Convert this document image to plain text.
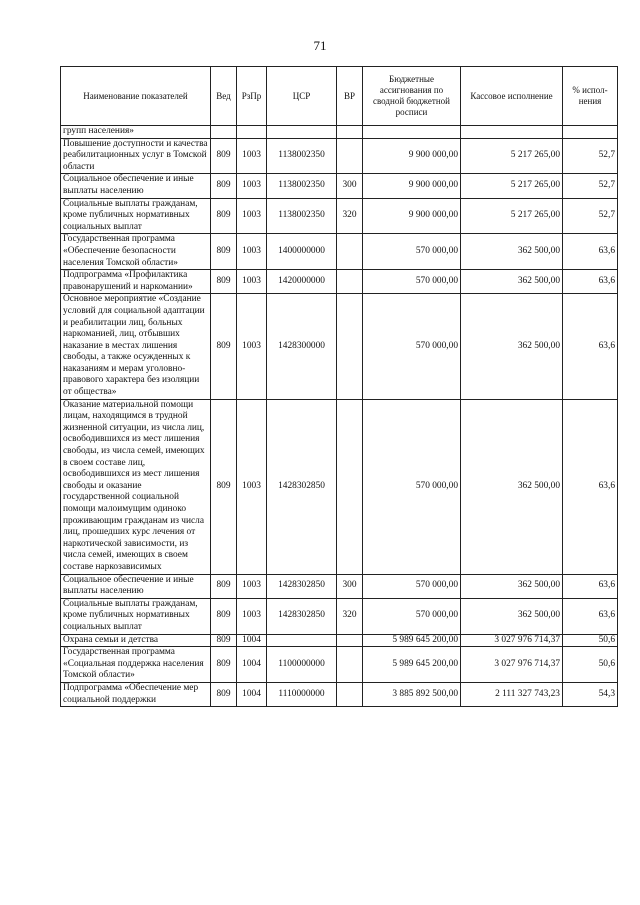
71
Наименование показателей	Вед	РзПр	ЦСР	ВР	Бюджетные ассигнования по сводной бюджетной росписи	Кассовое исполнение	% испол-нения
групп населения»							
Повышение доступности и качества реабилитационных услуг в Томской области	809	1003	1138002350		9 900 000,00	5 217 265,00	52,7
Социальное обеспечение и иные выплаты населению	809	1003	1138002350	300	9 900 000,00	5 217 265,00	52,7
Социальные выплаты гражданам, кроме публичных нормативных социальных выплат	809	1003	1138002350	320	9 900 000,00	5 217 265,00	52,7
Государственная программа «Обеспечение безопасности населения Томской области»	809	1003	1400000000		570 000,00	362 500,00	63,6
Подпрограмма «Профилактика правонарушений и наркомании»	809	1003	1420000000		570 000,00	362 500,00	63,6
Основное мероприятие «Создание условий для социальной адаптации и реабилитации лиц, больных наркоманией, лиц, отбывших наказание в местах лишения свободы, а также осужденных к наказаниям и мерам уголовно-правового характера без изоляции от общества»	809	1003	1428300000		570 000,00	362 500,00	63,6
Оказание материальной помощи лицам, находящимся в трудной жизненной ситуации, из числа лиц, освободившихся из мест лишения свободы, из числа семей, имеющих в своем составе лиц, освободившихся из мест лишения свободы и оказание государственной социальной помощи малоимущим одиноко проживающим гражданам из числа лиц, прошедших курс лечения от наркотической зависимости, из числа семей, имеющих в своем составе наркозависимых	809	1003	1428302850		570 000,00	362 500,00	63,6
Социальное обеспечение и иные выплаты населению	809	1003	1428302850	300	570 000,00	362 500,00	63,6
Социальные выплаты гражданам, кроме публичных нормативных социальных выплат	809	1003	1428302850	320	570 000,00	362 500,00	63,6
Охрана семьи и детства	809	1004			5 989 645 200,00	3 027 976 714,37	50,6
Государственная программа «Социальная поддержка населения Томской области»	809	1004	1100000000		5 989 645 200,00	3 027 976 714,37	50,6
Подпрограмма «Обеспечение мер социальной поддержки	809	1004	1110000000		3 885 892 500,00	2 111 327 743,23	54,3
